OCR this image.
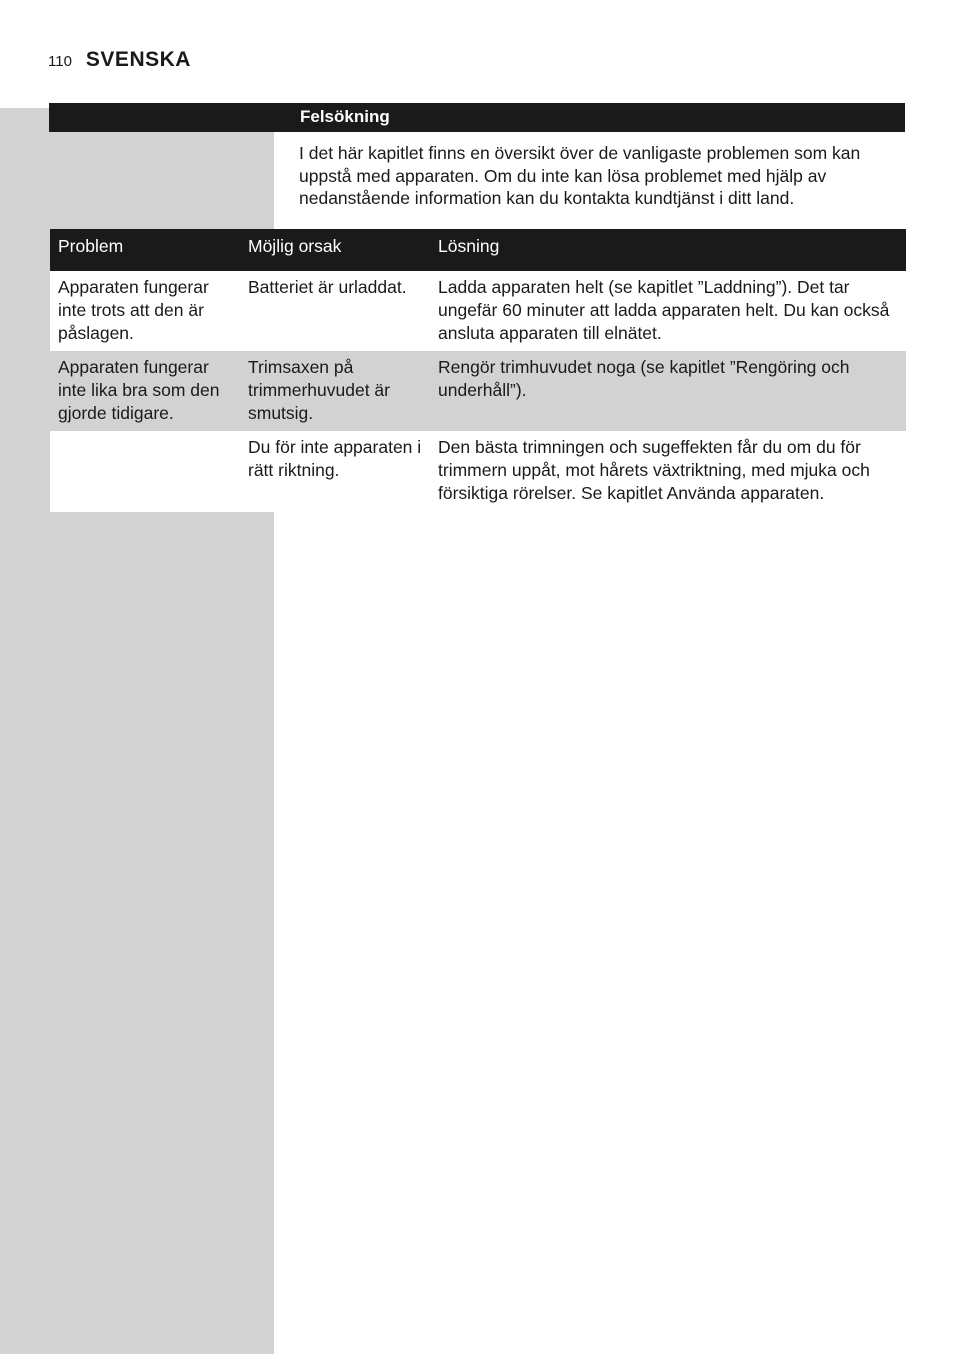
110 SVENSKA
Felsökning

I det här kapitlet finns en översikt över de vanligaste problemen som kan uppstå med apparaten. Om du inte kan lösa problemet med hjälp av nedanstående information kan du kontakta kundtjänst i ditt land.

Problem	Möjlig orsak	Lösning
Apparaten fungerar inte trots att den är påslagen.	Batteriet är urladdat.	Ladda apparaten helt (se kapitlet ”Laddning”). Det tar ungefär 60 minuter att ladda apparaten helt. Du kan också ansluta apparaten till elnätet.
Apparaten fungerar inte lika bra som den gjorde tidigare.	Trimsaxen på trimmerhuvudet är smutsig.	Rengör trimhuvudet noga (se kapitlet ”Rengöring och underhåll”).
	Du för inte apparaten i rätt riktning.	Den bästa trimningen och sugeffekten får du om du för trimmern uppåt, mot hårets växtriktning, med mjuka och försiktiga rörelser. Se kapitlet Använda apparaten.
